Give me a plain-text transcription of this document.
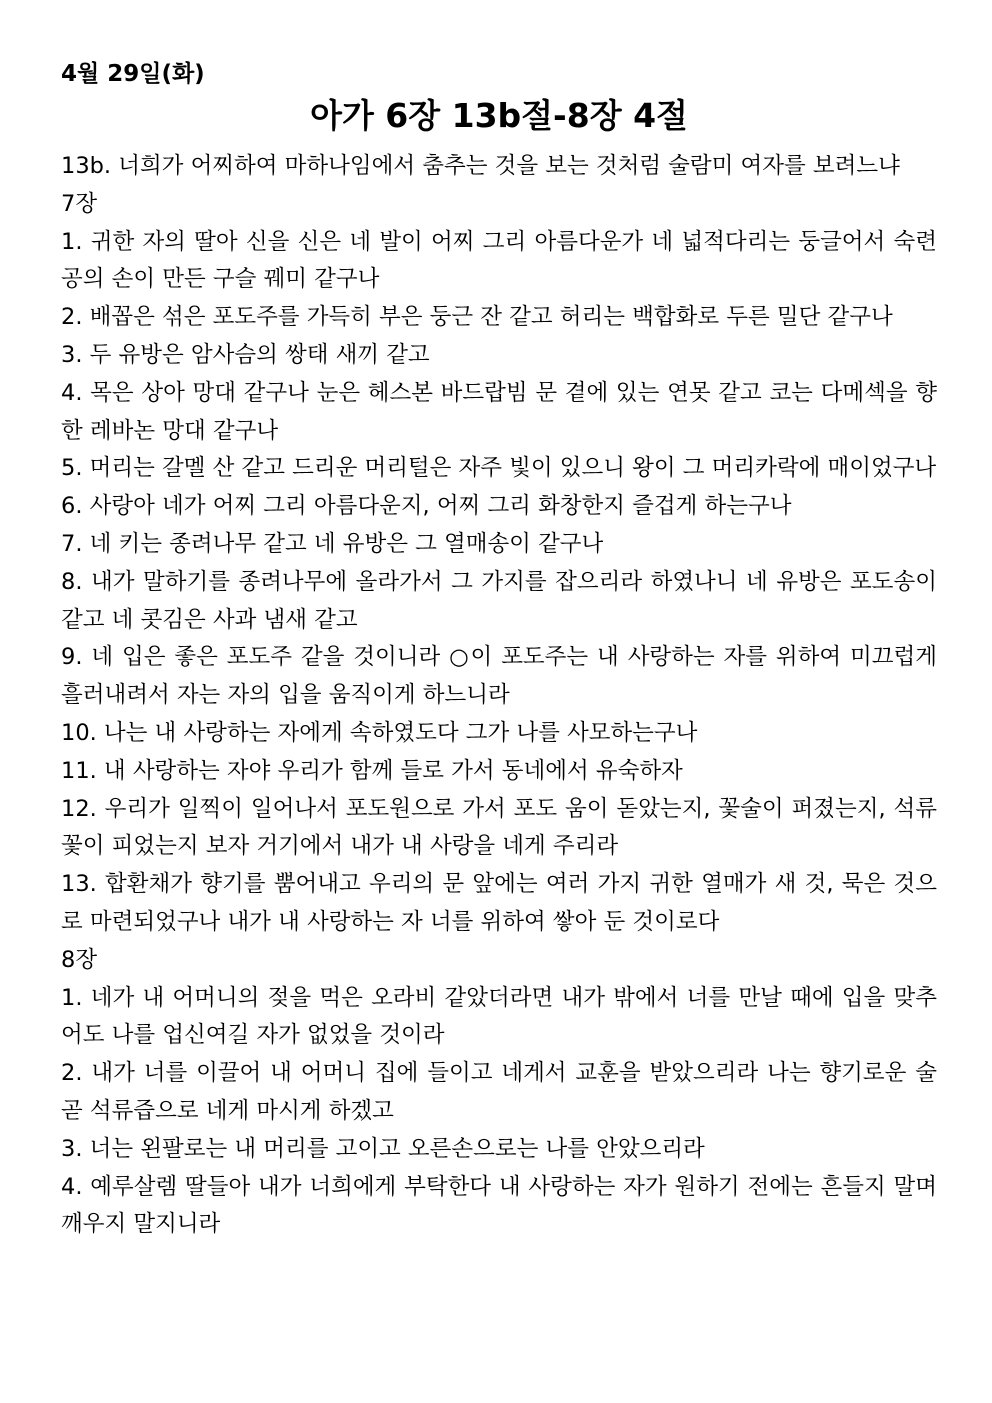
4월 29일(화)
아가 6장 13b절-8장 4절
13b. 너희가 어찌하여 마하나임에서 춤추는 것을 보는 것처럼 술람미 여자를 보려느냐
7장
1. 귀한 자의 딸아 신을 신은 네 발이 어찌 그리 아름다운가 네 넓적다리는 둥글어서 숙련공의 손이 만든 구슬 꿰미 같구나
2. 배꼽은 섞은 포도주를 가득히 부은 둥근 잔 같고 허리는 백합화로 두른 밀단 같구나
3. 두 유방은 암사슴의 쌍태 새끼 같고
4. 목은 상아 망대 같구나 눈은 헤스본 바드랍빔 문 곁에 있는 연못 같고 코는 다메섹을 향한 레바논 망대 같구나
5. 머리는 갈멜 산 같고 드리운 머리털은 자주 빛이 있으니 왕이 그 머리카락에 매이었구나
6. 사랑아 네가 어찌 그리 아름다운지, 어찌 그리 화창한지 즐겁게 하는구나
7. 네 키는 종려나무 같고 네 유방은 그 열매송이 같구나
8. 내가 말하기를 종려나무에 올라가서 그 가지를 잡으리라 하였나니 네 유방은 포도송이 같고 네 콧김은 사과 냄새 같고
9. 네 입은 좋은 포도주 같을 것이니라 ○이 포도주는 내 사랑하는 자를 위하여 미끄럽게 흘러내려서 자는 자의 입을 움직이게 하느니라
10. 나는 내 사랑하는 자에게 속하였도다 그가 나를 사모하는구나
11. 내 사랑하는 자야 우리가 함께 들로 가서 동네에서 유숙하자
12. 우리가 일찍이 일어나서 포도원으로 가서 포도 움이 돋았는지, 꽃술이 퍼졌는지, 석류 꽃이 피었는지 보자 거기에서 내가 내 사랑을 네게 주리라
13. 합환채가 향기를 뿜어내고 우리의 문 앞에는 여러 가지 귀한 열매가 새 것, 묵은 것으로 마련되었구나 내가 내 사랑하는 자 너를 위하여 쌓아 둔 것이로다
8장
1. 네가 내 어머니의 젖을 먹은 오라비 같았더라면 내가 밖에서 너를 만날 때에 입을 맞추어도 나를 업신여길 자가 없었을 것이라
2. 내가 너를 이끌어 내 어머니 집에 들이고 네게서 교훈을 받았으리라 나는 향기로운 술 곧 석류즙으로 네게 마시게 하겠고
3. 너는 왼팔로는 내 머리를 고이고 오른손으로는 나를 안았으리라
4. 예루살렘 딸들아 내가 너희에게 부탁한다 내 사랑하는 자가 원하기 전에는 흔들지 말며 깨우지 말지니라
